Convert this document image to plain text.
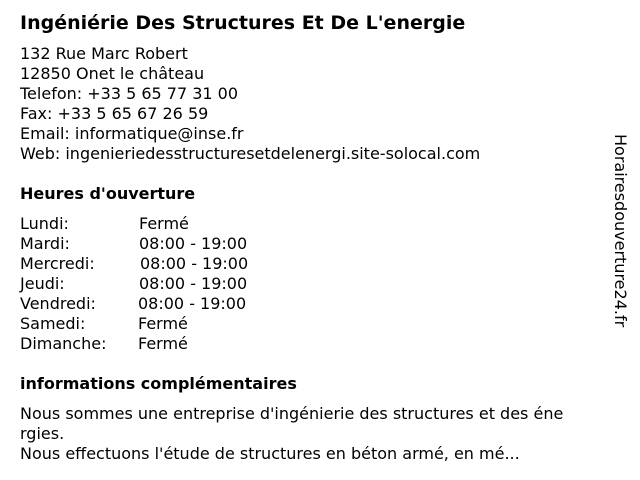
Ingéniérie Des Structures Et De L'energie
132 Rue Marc Robert
12850 Onet le château
Telefon: +33 5 65 77 31 00
Fax: +33 5 65 67 26 59
Email: informatique@inse.fr
Web: ingenieriedesstructuresetdelenergi.site-solocal.com
Heures d'ouverture
Lundi:	Fermé
Mardi:	08:00 - 19:00
Mercredi:	08:00 - 19:00
Jeudi:	08:00 - 19:00
Vendredi:	08:00 - 19:00
Samedi:	Fermé
Dimanche: Fermé
informations complémentaires
Nous sommes une entreprise d'ingénierie des structures et des éne
rgies.
Nous effectuons l'étude de structures en béton armé, en mé...
Horairesdouverture24.fr
